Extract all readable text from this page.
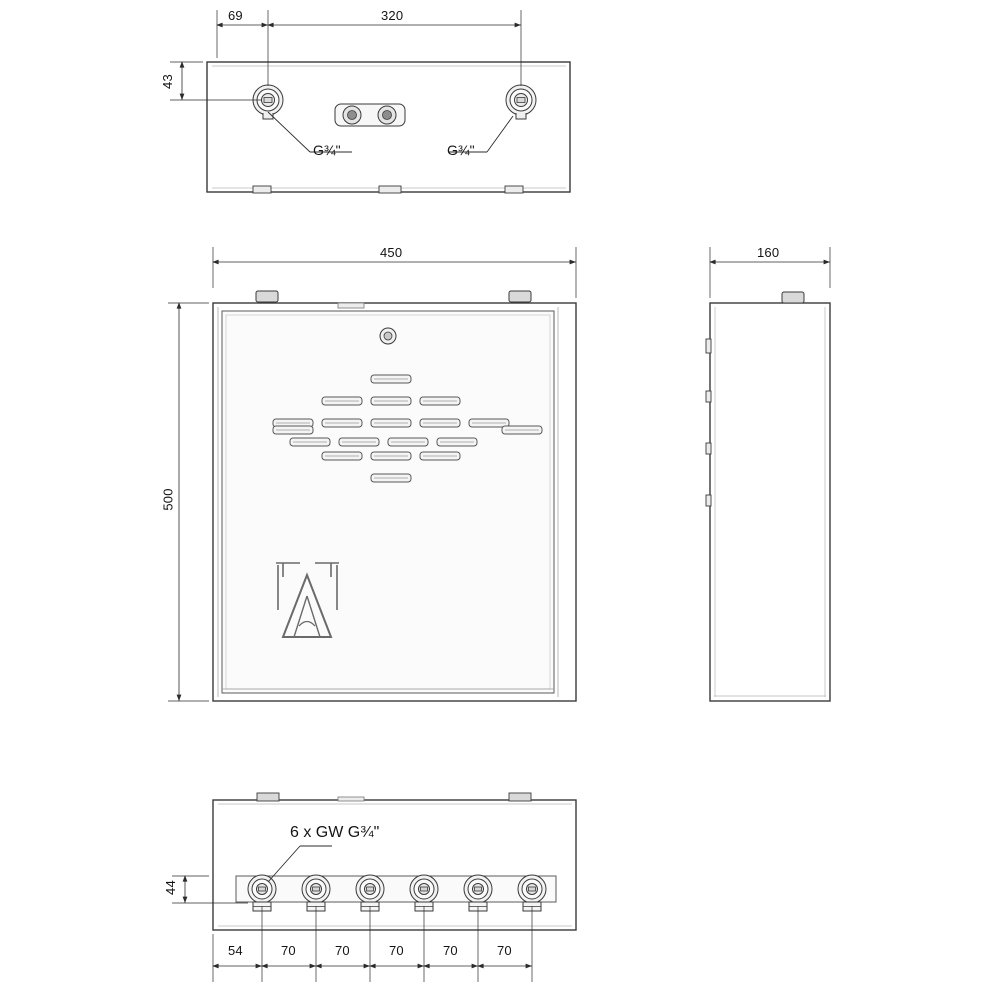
69	320
43
G¾"	G¾"
450
500
160
6 x GW G¾"
44
54	70	70	70	70	70
